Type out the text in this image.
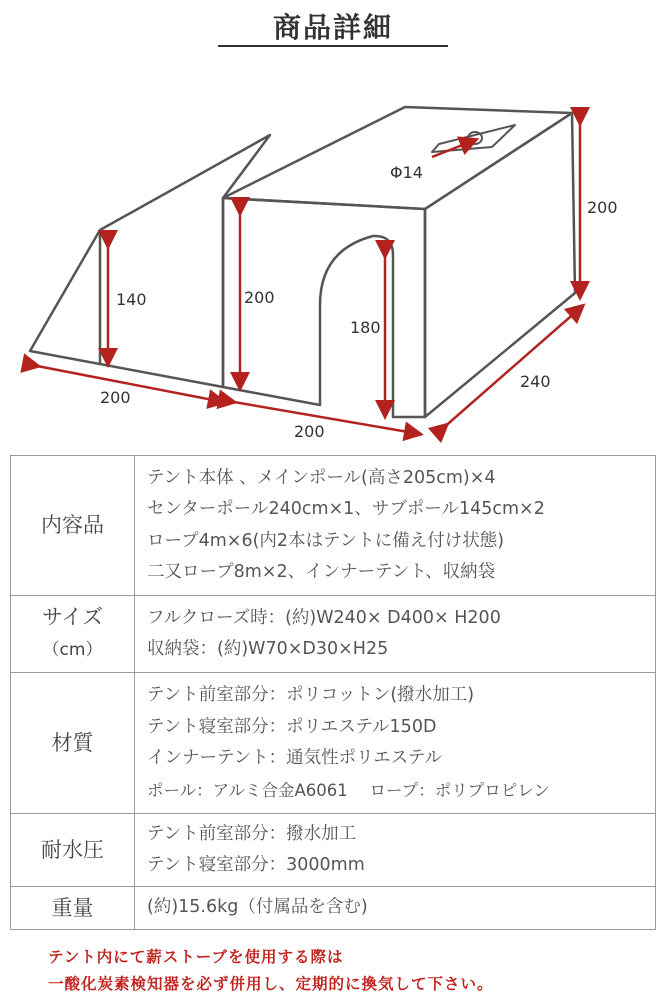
商品詳細
140	200
180
200
200
200
240
Φ14
内容品	テント本体 、メインポール(高さ205cm)×4
センターポール240cm×1、サブポール145cm×2
ロープ4m×6(内2本はテントに備え付け状態)
二又ロープ8m×2、インナーテント、収納袋

サイズ
（cm）	フルクローズ時：(約)W240× D400× H200
収納袋：(約)W70×D30×H25

材質	テント前室部分：ポリコットン(撥水加工)
テント寝室部分：ポリエステル150D
インナーテント：通気性ポリエステル
ポール：アルミ合金A6061　 ロープ：ポリプロピレン

耐水圧	テント前室部分：撥水加工
テント寝室部分：3000mm

重量	(約)15.6kg（付属品を含む)
テント内にて薪ストーブを使用する際は
一酸化炭素検知器を必ず併用し、定期的に換気して下さい。
